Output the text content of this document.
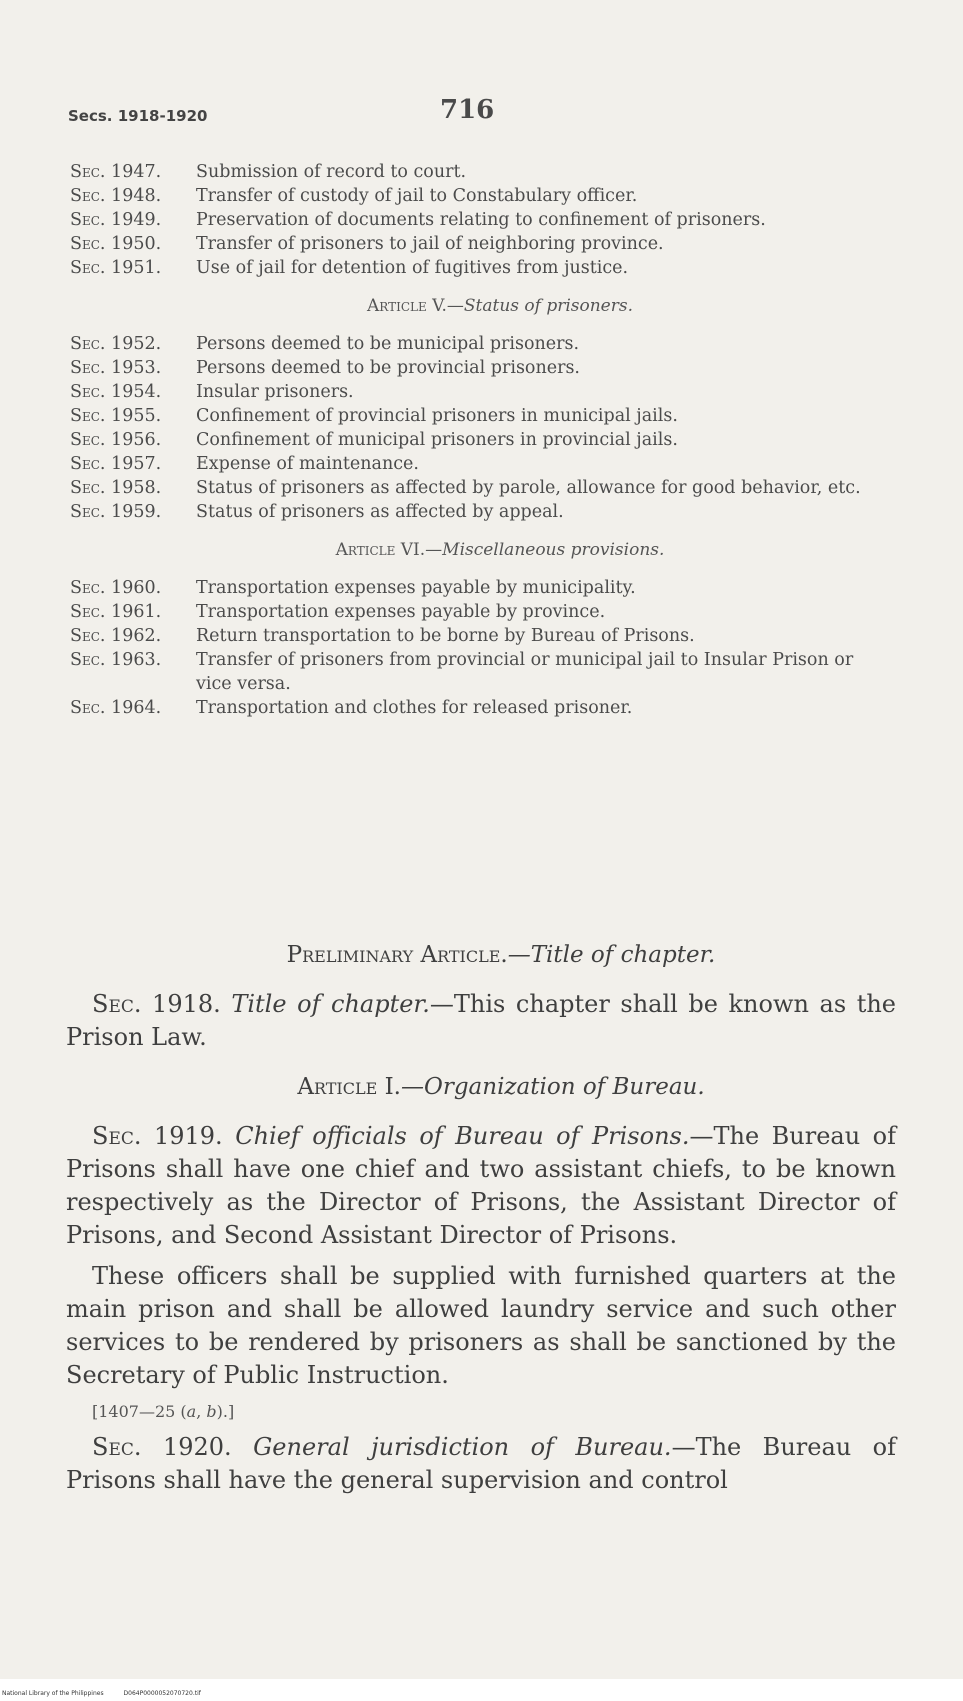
Secs. 1918-1920	716
Sec. 1947.	Submission of record to court.
Sec. 1948.	Transfer of custody of jail to Constabulary officer.
Sec. 1949.	Preservation of documents relating to confinement of prisoners.
Sec. 1950.	Transfer of prisoners to jail of neighboring province.
Sec. 1951.	Use of jail for detention of fugitives from justice.
Article V.—Status of prisoners.
Sec. 1952.	Persons deemed to be municipal prisoners.
Sec. 1953.	Persons deemed to be provincial prisoners.
Sec. 1954.	Insular prisoners.
Sec. 1955.	Confinement of provincial prisoners in municipal jails.
Sec. 1956.	Confinement of municipal prisoners in provincial jails.
Sec. 1957.	Expense of maintenance.
Sec. 1958.	Status of prisoners as affected by parole, allowance for good behavior, etc.
Sec. 1959.	Status of prisoners as affected by appeal.
Article VI.—Miscellaneous provisions.
Sec. 1960.	Transportation expenses payable by municipality.
Sec. 1961.	Transportation expenses payable by province.
Sec. 1962.	Return transportation to be borne by Bureau of Prisons.
Sec. 1963.	Transfer of prisoners from provincial or municipal jail to Insular Prison or vice versa.
Sec. 1964.	Transportation and clothes for released prisoner.
Preliminary Article.—Title of chapter.

Sec. 1918. Title of chapter.—This chapter shall be known as the Prison Law.

Article I.—Organization of Bureau.

Sec. 1919. Chief officials of Bureau of Prisons.—The Bureau of Prisons shall have one chief and two assistant chiefs, to be known respectively as the Director of Prisons, the Assistant Director of Prisons, and Second Assistant Director of Prisons.

These officers shall be supplied with furnished quarters at the main prison and shall be allowed laundry service and such other services to be rendered by prisoners as shall be sanctioned by the Secretary of Public Instruction.

[1407—25 (a, b).]

Sec. 1920. General jurisdiction of Bureau.—The Bureau of Prisons shall have the general supervision and control

National Library of the Philippines	D064P0000052070720.tif
